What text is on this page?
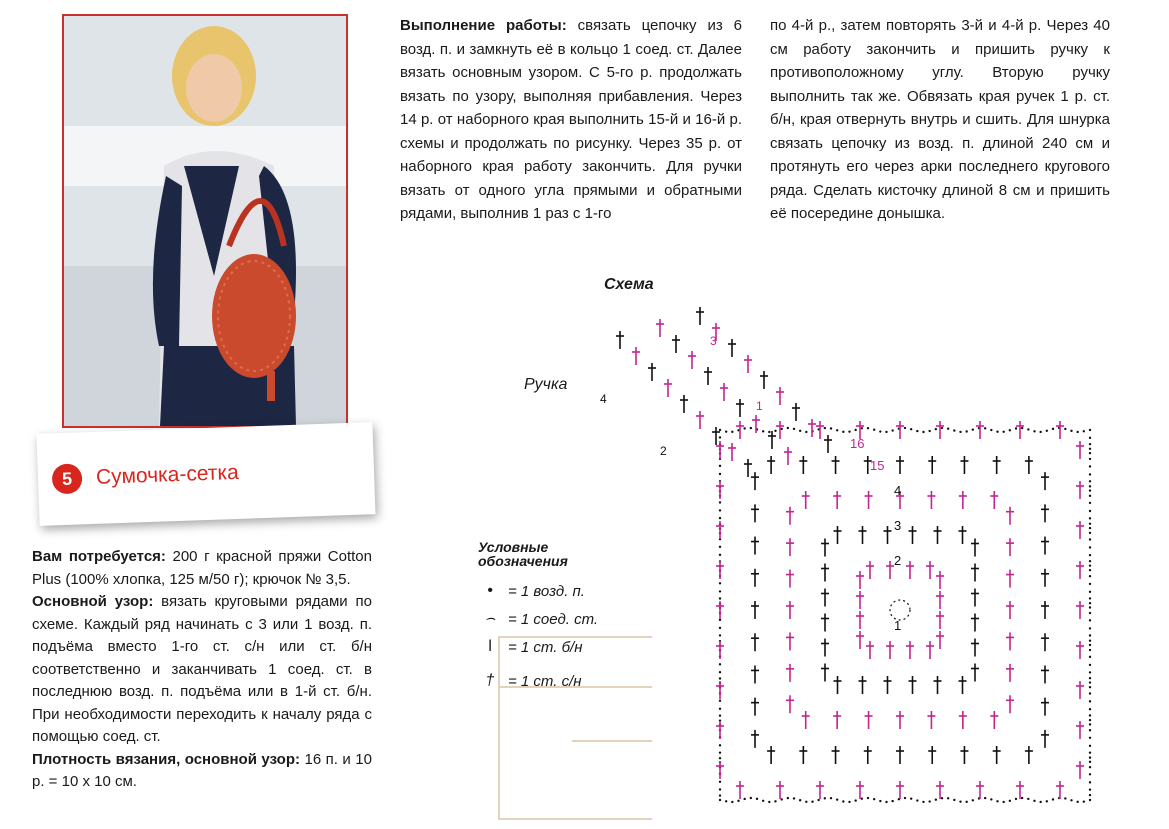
5	Сумочка-сетка

Вам потребуется: 200 г красной пряжи Cotton Plus (100% хлопка, 125 м/50 г); крючок № 3,5.

Основной узор: вязать круговыми рядами по схеме. Каждый ряд начинать с 3 или 1 возд. п. подъёма вместо 1-го ст. с/н или ст. б/н соответственно и заканчивать 1 соед. ст. в последнюю возд. п. подъёма или в 1-й ст. б/н. При необходимости переходить к началу ряда с помощью соед. ст.

Плотность вязания, основной узор: 16 п. и 10 р. = 10 х 10 см.

Выполнение работы: связать цепочку из 6 возд. п. и замкнуть её в кольцо 1 соед. ст. Далее вязать основным узором. С 5-го р. продолжать вязать по узору, выполняя прибавления. Через 14 р. от наборного края выполнить 15-й и 16-й р. схемы и продолжать по рисунку. Через 35 р. от наборного края работу закончить. Для ручки вязать от одного угла прямыми и обратными рядами, выполнив 1 раз с 1-го

по 4-й р., затем повторять 3-й и 4-й р. Через 40 см работу закончить и пришить ручку к противоположному углу. Вторую ручку выполнить так же. Обвязать края ручек 1 р. ст. б/н, края отвернуть внутрь и сшить. Для шнурка связать цепочку из возд. п. длиной 240 см и протянуть его через арки последнего кругового ряда. Сделать кисточку длиной 8 см и пришить её посередине донышка.

Схема
Ручка
1
2
3
4
15
16
1
2
3
4
Условные
обозначения
•	= 1 возд. п.
⌢ = 1 соед. ст.
ǀ	= 1 ст. б/н
† = 1 ст. с/н
